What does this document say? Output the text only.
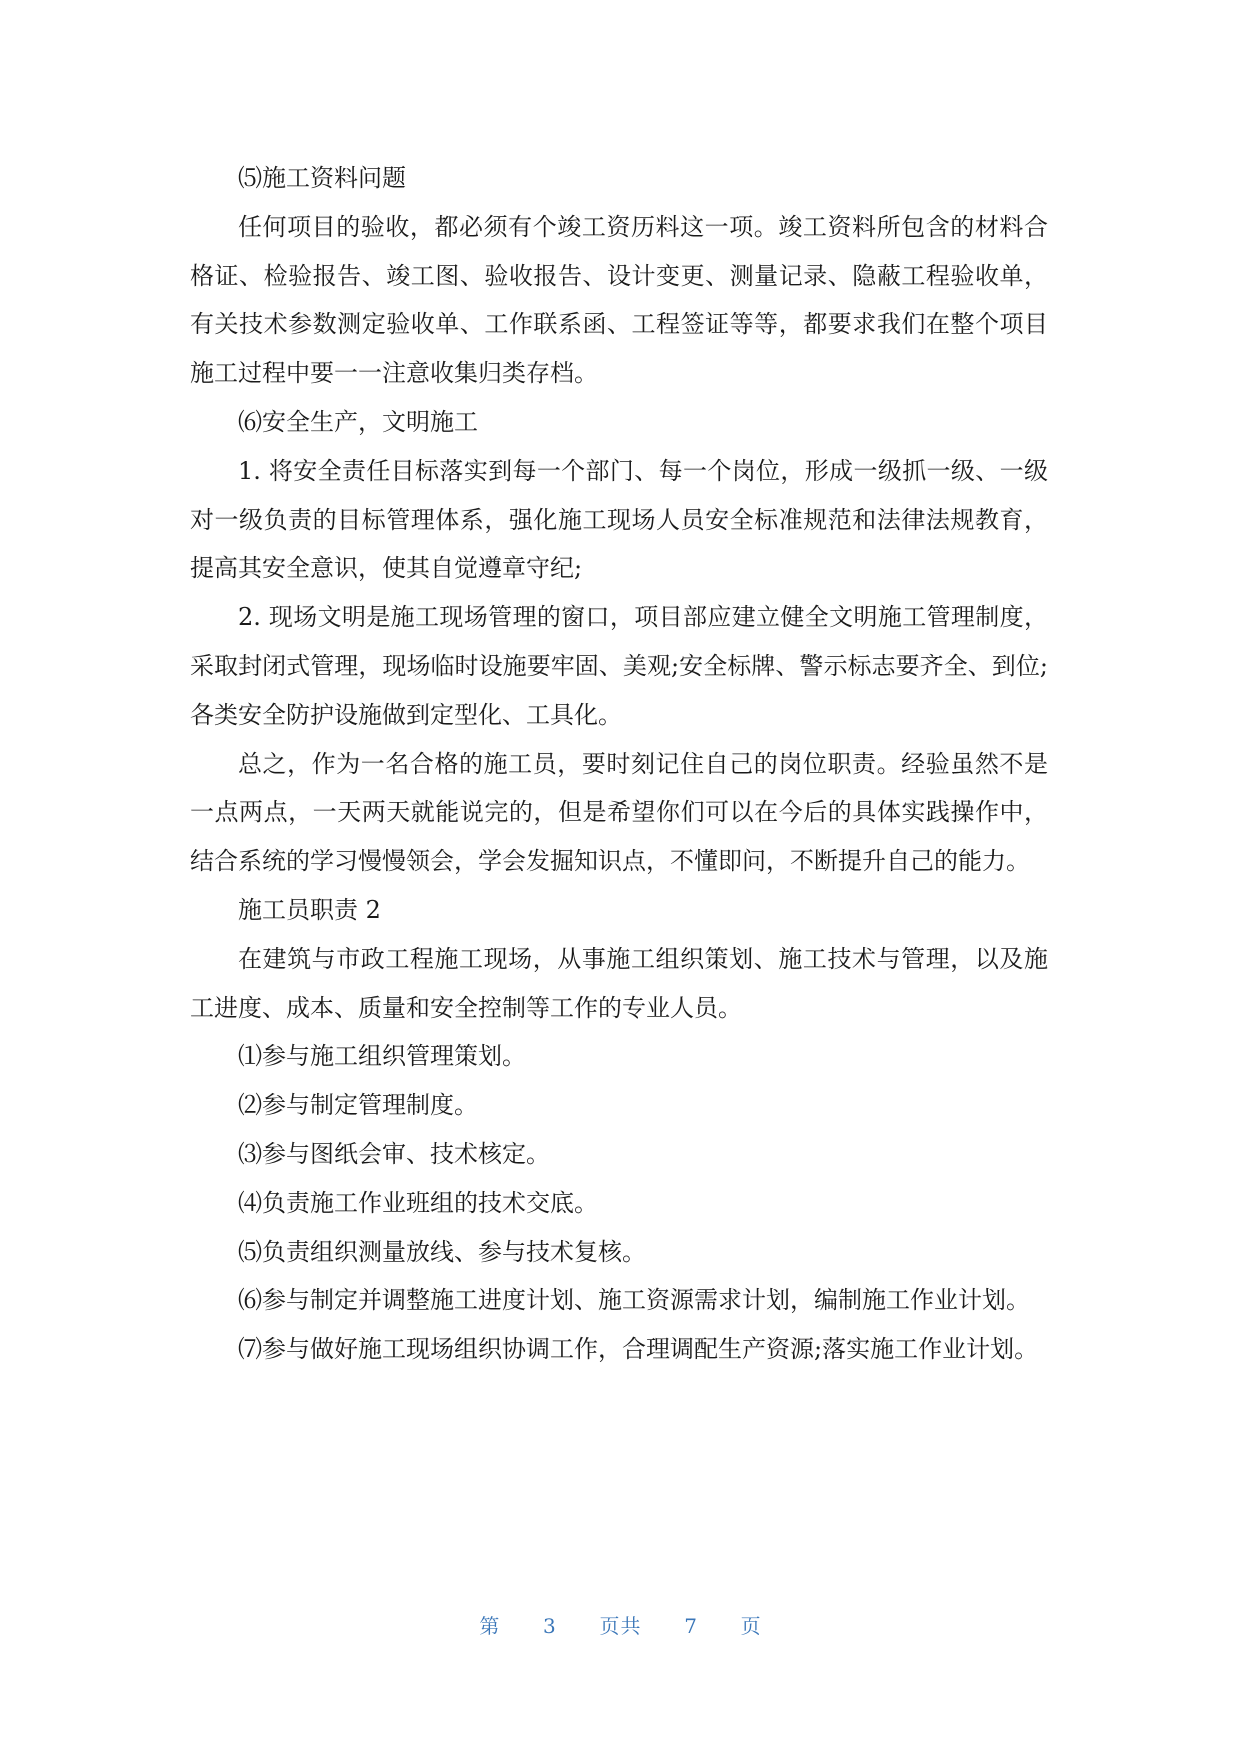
⑸施工资料问题

任何项目的验收，都必须有个竣工资历料这一项。竣工资料所包含的材料合格证、检验报告、竣工图、验收报告、设计变更、测量记录、隐蔽工程验收单，有关技术参数测定验收单、工作联系函、工程签证等等，都要求我们在整个项目施工过程中要一一注意收集归类存档。

⑹安全生产，文明施工

1. 将安全责任目标落实到每一个部门、每一个岗位，形成一级抓一级、一级对一级负责的目标管理体系，强化施工现场人员安全标准规范和法律法规教育，提高其安全意识，使其自觉遵章守纪;

2. 现场文明是施工现场管理的窗口，项目部应建立健全文明施工管理制度，采取封闭式管理，现场临时设施要牢固、美观;安全标牌、警示标志要齐全、到位;各类安全防护设施做到定型化、工具化。

总之，作为一名合格的施工员，要时刻记住自己的岗位职责。经验虽然不是一点两点，一天两天就能说完的，但是希望你们可以在今后的具体实践操作中，结合系统的学习慢慢领会，学会发掘知识点，不懂即问，不断提升自己的能力。

施工员职责 2

在建筑与市政工程施工现场，从事施工组织策划、施工技术与管理，以及施工进度、成本、质量和安全控制等工作的专业人员。

⑴参与施工组织管理策划。

⑵参与制定管理制度。

⑶参与图纸会审、技术核定。

⑷负责施工作业班组的技术交底。

⑸负责组织测量放线、参与技术复核。

⑹参与制定并调整施工进度计划、施工资源需求计划，编制施工作业计划。

⑺参与做好施工现场组织协调工作，合理调配生产资源;落实施工作业计划。

第 3 页共 7 页
